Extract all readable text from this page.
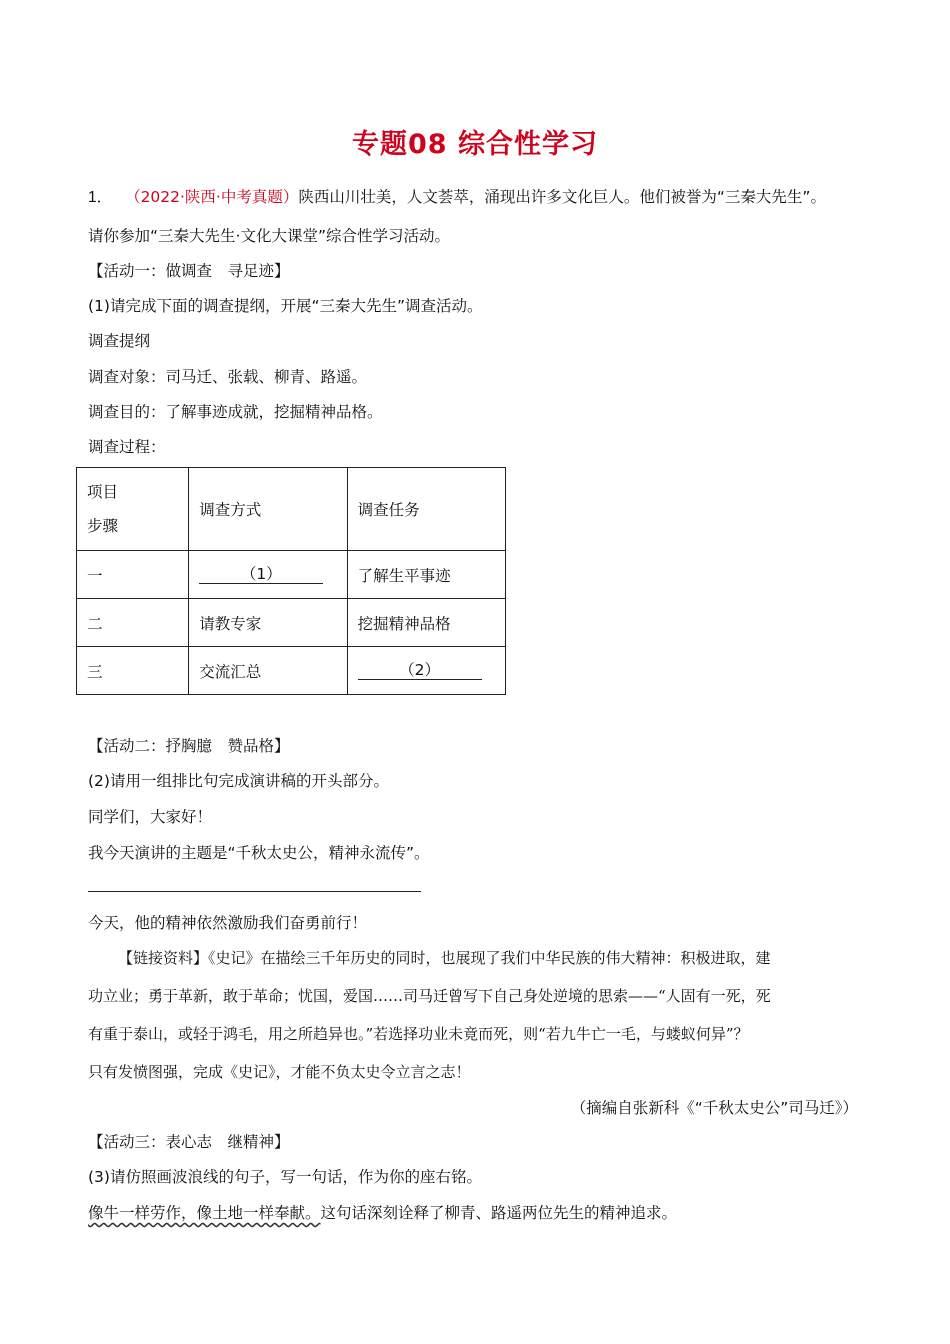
专题08 综合性学习
1． （2022·陕西·中考真题）陕西山川壮美，人文荟萃，涌现出许多文化巨人。他们被誉为“三秦大先生”。
请你参加“三秦大先生·文化大课堂”综合性学习活动。
【活动一：做调查　寻足迹】
(1)请完成下面的调查提纲，开展“三秦大先生”调查活动。
调查提纲
调查对象：司马迁、张载、柳青、路遥。
调查目的：了解事迹成就，挖掘精神品格。
调查过程：
项目
步骤	调查方式	调查任务
一	（1）	了解生平事迹
二	请教专家	挖掘精神品格
三	交流汇总	（2）
【活动二：抒胸臆　赞品格】
(2)请用一组排比句完成演讲稿的开头部分。
同学们，大家好！
我今天演讲的主题是“千秋太史公，精神永流传”。
今天，他的精神依然激励我们奋勇前行！
【链接资料】《史记》在描绘三千年历史的同时，也展现了我们中华民族的伟大精神：积极进取，建
功立业；勇于革新，敢于革命；忧国，爱国……司马迁曾写下自己身处逆境的思索——“人固有一死，死
有重于泰山，或轻于鸿毛，用之所趋异也。”若选择功业未竟而死，则“若九牛亡一毛，与蝼蚁何异”？
只有发愤图强，完成《史记》，才能不负太史令立言之志！
（摘编自张新科《“千秋太史公”司马迁》）
【活动三：表心志　继精神】
(3)请仿照画波浪线的句子，写一句话，作为你的座右铭。
像牛一样劳作，像土地一样奉献。这句话深刻诠释了柳青、路遥两位先生的精神追求。
